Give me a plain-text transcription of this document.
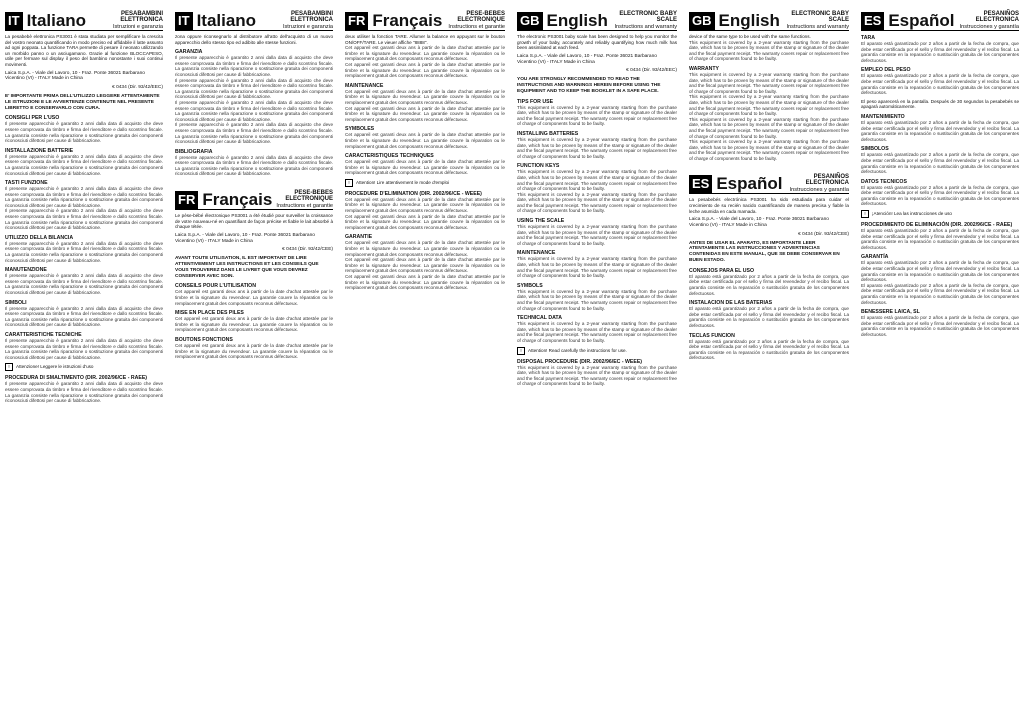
IT Italiano	PESABAMBINI ELETTRONICA
Istruzioni e garanzia

La pesabebè elettronica PS3001 è stata studiata per semplificare la crescita del vostro neonato quantificando in modo preciso ed affidabile il latte assunto ad ogni poppata. La funzione TARA permette di pesare il neonato utilizzando un morbido panno o un asciugamano. Grazie al funzione BLOCCAPESO, utile per fermare sul display il peso del bambino nonostante i suoi continui movimenti.

Laica S.p.A. - Viale del Lavoro, 10 - Fraz. Ponte 36021 Barbarano Vicentino (VI) - ITALY Made in China
€ 0434 (Dir. 93/42/EEC)

E' IMPORTANTE PRIMA DELL'UTILIZZO LEGGERE ATTENTAMENTE LE ISTRUZIONI E LE AVVERTENZE CONTENUTE NEL PRESENTE LIBRETTO E CONSERVARLO CON CURA.

CONSIGLI PER L'USO

Il presente apparecchio è garantito 2 anni dalla data di acquisto che deve essere comprovata da timbro e firma del rivenditore e dallo scontrino fiscale. La garanzia consiste nella riparazione o sostituzione gratuita dei componenti riconosciuti difettosi per cause di fabbricazione.

INSTALLAZIONE BATTERIE

Il presente apparecchio è garantito 2 anni dalla data di acquisto che deve essere comprovata da timbro e firma del rivenditore e dallo scontrino fiscale. La garanzia consiste nella riparazione o sostituzione gratuita dei componenti riconosciuti difettosi per cause di fabbricazione.

TASTI FUNZIONE

Il presente apparecchio è garantito 2 anni dalla data di acquisto che deve essere comprovata da timbro e firma del rivenditore e dallo scontrino fiscale. La garanzia consiste nella riparazione o sostituzione gratuita dei componenti riconosciuti difettosi per cause di fabbricazione.

Il presente apparecchio è garantito 2 anni dalla data di acquisto che deve essere comprovata da timbro e firma del rivenditore e dallo scontrino fiscale. La garanzia consiste nella riparazione o sostituzione gratuita dei componenti riconosciuti difettosi per cause di fabbricazione.

UTILIZZO DELLA BILANCIA

Il presente apparecchio è garantito 2 anni dalla data di acquisto che deve essere comprovata da timbro e firma del rivenditore e dallo scontrino fiscale. La garanzia consiste nella riparazione o sostituzione gratuita dei componenti riconosciuti difettosi per cause di fabbricazione.

MANUTENZIONE

Il presente apparecchio è garantito 2 anni dalla data di acquisto che deve essere comprovata da timbro e firma del rivenditore e dallo scontrino fiscale. La garanzia consiste nella riparazione o sostituzione gratuita dei componenti riconosciuti difettosi per cause di fabbricazione.

SIMBOLI

Il presente apparecchio è garantito 2 anni dalla data di acquisto che deve essere comprovata da timbro e firma del rivenditore e dallo scontrino fiscale. La garanzia consiste nella riparazione o sostituzione gratuita dei componenti riconosciuti difettosi per cause di fabbricazione.

CARATTERISTICHE TECNICHE

Il presente apparecchio è garantito 2 anni dalla data di acquisto che deve essere comprovata da timbro e firma del rivenditore e dallo scontrino fiscale. La garanzia consiste nella riparazione o sostituzione gratuita dei componenti riconosciuti difettosi per cause di fabbricazione.

! Attenzione! Leggere le istruzioni d'uso

PROCEDURA DI SMALTIMENTO (DIR. 2002/96/CE - RAEE)

Il presente apparecchio è garantito 2 anni dalla data di acquisto che deve essere comprovata da timbro e firma del rivenditore e dallo scontrino fiscale. La garanzia consiste nella riparazione o sostituzione gratuita dei componenti riconosciuti difettosi per cause di fabbricazione.

IT Italiano	PESABAMBINI ELETTRONICA
Istruzioni e garanzia

zona oppure riconsegnarlo al distributore all'atto dell'acquisto di un nuovo apparecchio dello stesso tipo ed adibito alle stesse funzioni.

GARANZIA

Il presente apparecchio è garantito 2 anni dalla data di acquisto che deve essere comprovata da timbro e firma del rivenditore e dallo scontrino fiscale. La garanzia consiste nella riparazione o sostituzione gratuita dei componenti riconosciuti difettosi per cause di fabbricazione.

Il presente apparecchio è garantito 2 anni dalla data di acquisto che deve essere comprovata da timbro e firma del rivenditore e dallo scontrino fiscale. La garanzia consiste nella riparazione o sostituzione gratuita dei componenti riconosciuti difettosi per cause di fabbricazione.

Il presente apparecchio è garantito 2 anni dalla data di acquisto che deve essere comprovata da timbro e firma del rivenditore e dallo scontrino fiscale. La garanzia consiste nella riparazione o sostituzione gratuita dei componenti riconosciuti difettosi per cause di fabbricazione.

Il presente apparecchio è garantito 2 anni dalla data di acquisto che deve essere comprovata da timbro e firma del rivenditore e dallo scontrino fiscale. La garanzia consiste nella riparazione o sostituzione gratuita dei componenti riconosciuti difettosi per cause di fabbricazione.

BIBLIOGRAFIA

Il presente apparecchio è garantito 2 anni dalla data di acquisto che deve essere comprovata da timbro e firma del rivenditore e dallo scontrino fiscale. La garanzia consiste nella riparazione o sostituzione gratuita dei componenti riconosciuti difettosi per cause di fabbricazione.

FR Français	PESE-BEBES ELECTRONIQUE
Instructions et garantie

Le pèse-bébé électronique PS3001 a été étudié pour surveiller la croissance de votre nouveau-né en quantifiant de façon précise et fiable le lait absorbé à chaque tétée.

Laica S.p.A. - Viale del Lavoro, 10 - Fraz. Ponte 36021 Barbarano Vicentino (VI) - ITALY Made in China
€ 0434 (Dir. 93/42/CEE)

AVANT TOUTE UTILISATION, IL EST IMPORTANT DE LIRE ATTENTIVEMENT LES INSTRUCTIONS ET LES CONSEILS QUE VOUS TROUVEREZ DANS LE LIVRET QUE VOUS DEVREZ CONSERVER AVEC SOIN.

CONSEILS POUR L'UTILISATION

Cet appareil est garanti deux ans à partir de la date d'achat attestée par le timbre et la signature du revendeur. La garantie couvre la réparation ou le remplacement gratuit des composants reconnus défectueux.

MISE EN PLACE DES PILES

Cet appareil est garanti deux ans à partir de la date d'achat attestée par le timbre et la signature du revendeur. La garantie couvre la réparation ou le remplacement gratuit des composants reconnus défectueux.

BOUTONS FONCTIONS

Cet appareil est garanti deux ans à partir de la date d'achat attestée par le timbre et la signature du revendeur. La garantie couvre la réparation ou le remplacement gratuit des composants reconnus défectueux.

FR Français	PESE-BEBES ELECTRONIQUE
Instructions et garantie

deux utiliser la fonction TARE. Allumer la balance en appuyant sur le bouton ON/OFF/TARE. Le vieuer affiche "8888".

Cet appareil est garanti deux ans à partir de la date d'achat attestée par le timbre et la signature du revendeur. La garantie couvre la réparation ou le remplacement gratuit des composants reconnus défectueux.

Cet appareil est garanti deux ans à partir de la date d'achat attestée par le timbre et la signature du revendeur. La garantie couvre la réparation ou le remplacement gratuit des composants reconnus défectueux.

MAINTENANCE

Cet appareil est garanti deux ans à partir de la date d'achat attestée par le timbre et la signature du revendeur. La garantie couvre la réparation ou le remplacement gratuit des composants reconnus défectueux.

Cet appareil est garanti deux ans à partir de la date d'achat attestée par le timbre et la signature du revendeur. La garantie couvre la réparation ou le remplacement gratuit des composants reconnus défectueux.

SYMBOLES

Cet appareil est garanti deux ans à partir de la date d'achat attestée par le timbre et la signature du revendeur. La garantie couvre la réparation ou le remplacement gratuit des composants reconnus défectueux.

CARACTERISTIQUES TECHNIQUES

Cet appareil est garanti deux ans à partir de la date d'achat attestée par le timbre et la signature du revendeur. La garantie couvre la réparation ou le remplacement gratuit des composants reconnus défectueux.

! Attention! Lire attentivement le mode d'emploi

PROCEDURE D'ELIMINATION (DIR. 2002/96/CE - WEEE)

Cet appareil est garanti deux ans à partir de la date d'achat attestée par le timbre et la signature du revendeur. La garantie couvre la réparation ou le remplacement gratuit des composants reconnus défectueux.

Cet appareil est garanti deux ans à partir de la date d'achat attestée par le timbre et la signature du revendeur. La garantie couvre la réparation ou le remplacement gratuit des composants reconnus défectueux.

GARANTIE

Cet appareil est garanti deux ans à partir de la date d'achat attestée par le timbre et la signature du revendeur. La garantie couvre la réparation ou le remplacement gratuit des composants reconnus défectueux.

Cet appareil est garanti deux ans à partir de la date d'achat attestée par le timbre et la signature du revendeur. La garantie couvre la réparation ou le remplacement gratuit des composants reconnus défectueux.

Cet appareil est garanti deux ans à partir de la date d'achat attestée par le timbre et la signature du revendeur. La garantie couvre la réparation ou le remplacement gratuit des composants reconnus défectueux.

GB English	ELECTRONIC BABY SCALE
Instructions and warranty

The electronic PS3001 baby scale has been designed to help you monitor the growth of your baby, accurately and reliably quantifying how much milk has been assimilated at each feed.

Laica S.p.A. - Viale del Lavoro, 10 - Fraz. Ponte 36021 Barbarano Vicentino (VI) - ITALY Made in China
€ 0434 (Dir. 93/42/EEC)

YOU ARE STRONGLY RECOMMENDED TO READ THE INSTRUCTIONS AND WARNINGS HEREIN BEFORE USING THE EQUIPMENT AND TO KEEP THE BOOKLET IN A SAFE PLACE.

TIPS FOR USE

This equipment is covered by a 2-year warranty starting from the purchase date, which has to be proven by means of the stamp or signature of the dealer and the fiscal payment receipt. The warranty covers repair or replacement free of charge of components found to be faulty.

INSTALLING BATTERIES

This equipment is covered by a 2-year warranty starting from the purchase date, which has to be proven by means of the stamp or signature of the dealer and the fiscal payment receipt. The warranty covers repair or replacement free of charge of components found to be faulty.

FUNCTION KEYS

This equipment is covered by a 2-year warranty starting from the purchase date, which has to be proven by means of the stamp or signature of the dealer and the fiscal payment receipt. The warranty covers repair or replacement free of charge of components found to be faulty.

This equipment is covered by a 2-year warranty starting from the purchase date, which has to be proven by means of the stamp or signature of the dealer and the fiscal payment receipt. The warranty covers repair or replacement free of charge of components found to be faulty.

USING THE SCALE

This equipment is covered by a 2-year warranty starting from the purchase date, which has to be proven by means of the stamp or signature of the dealer and the fiscal payment receipt. The warranty covers repair or replacement free of charge of components found to be faulty.

MAINTENANCE

This equipment is covered by a 2-year warranty starting from the purchase date, which has to be proven by means of the stamp or signature of the dealer and the fiscal payment receipt. The warranty covers repair or replacement free of charge of components found to be faulty.

SYMBOLS

This equipment is covered by a 2-year warranty starting from the purchase date, which has to be proven by means of the stamp or signature of the dealer and the fiscal payment receipt. The warranty covers repair or replacement free of charge of components found to be faulty.

TECHNICAL DATA

This equipment is covered by a 2-year warranty starting from the purchase date, which has to be proven by means of the stamp or signature of the dealer and the fiscal payment receipt. The warranty covers repair or replacement free of charge of components found to be faulty.

! Attention! Read carefully the instructions for use.

DISPOSAL PROCEDURE (DIR. 2002/96/EC - WEEE)

This equipment is covered by a 2-year warranty starting from the purchase date, which has to be proven by means of the stamp or signature of the dealer and the fiscal payment receipt. The warranty covers repair or replacement free of charge of components found to be faulty.

GB English	ELECTRONIC BABY SCALE
Instructions and warranty

device of the same type to be used with the same functions.

This equipment is covered by a 2-year warranty starting from the purchase date, which has to be proven by means of the stamp or signature of the dealer and the fiscal payment receipt. The warranty covers repair or replacement free of charge of components found to be faulty.

WARRANTY

This equipment is covered by a 2-year warranty starting from the purchase date, which has to be proven by means of the stamp or signature of the dealer and the fiscal payment receipt. The warranty covers repair or replacement free of charge of components found to be faulty.

This equipment is covered by a 2-year warranty starting from the purchase date, which has to be proven by means of the stamp or signature of the dealer and the fiscal payment receipt. The warranty covers repair or replacement free of charge of components found to be faulty.

This equipment is covered by a 2-year warranty starting from the purchase date, which has to be proven by means of the stamp or signature of the dealer and the fiscal payment receipt. The warranty covers repair or replacement free of charge of components found to be faulty.

This equipment is covered by a 2-year warranty starting from the purchase date, which has to be proven by means of the stamp or signature of the dealer and the fiscal payment receipt. The warranty covers repair or replacement free of charge of components found to be faulty.

ES Español	PESANIÑOS ELECTRONICA
Instrucciones y garantía

La pesabebés electrónica PS3001 ha sido estudiada para cuidar el crecimiento de su recién nacido cuantificando de manera precisa y fiable la leche asumida en cada mamada.

Laica S.p.A. - Viale del Lavoro, 10 - Fraz. Ponte 36021 Barbarano Vicentino (VI) - ITALY Made in China
€ 0434 (Dir. 93/42/CEE)

ANTES DE USAR EL APARATO, ES IMPORTANTE LEER ATENTAMENTE LAS INSTRUCCIONES Y ADVERTENCIAS CONTENIDAS EN ESTE MANUAL, QUE SE DEBE CONSERVAR EN BUEN ESTADO.

CONSEJOS PARA EL USO

El aparato está garantizado por 2 años a partir de la fecha de compra, que debe estar certificada por el sello y firma del revendedor y el recibo fiscal. La garantía consiste en la reparación o sustitución gratuita de los componentes defectuosos.

INSTALACION DE LAS BATERIAS

El aparato está garantizado por 2 años a partir de la fecha de compra, que debe estar certificada por el sello y firma del revendedor y el recibo fiscal. La garantía consiste en la reparación o sustitución gratuita de los componentes defectuosos.

TECLAS FUNCION

El aparato está garantizado por 2 años a partir de la fecha de compra, que debe estar certificada por el sello y firma del revendedor y el recibo fiscal. La garantía consiste en la reparación o sustitución gratuita de los componentes defectuosos.

ES Español	PESANIÑOS ELECTRONICA
Instrucciones y garantía

TARA

El aparato está garantizado por 2 años a partir de la fecha de compra, que debe estar certificada por el sello y firma del revendedor y el recibo fiscal. La garantía consiste en la reparación o sustitución gratuita de los componentes defectuosos.

EMPLEO DEL PESO

El aparato está garantizado por 2 años a partir de la fecha de compra, que debe estar certificada por el sello y firma del revendedor y el recibo fiscal. La garantía consiste en la reparación o sustitución gratuita de los componentes defectuosos.

El peso aparecerá en la pantalla. Después de 30 segundos la pesabebés se apagará automáticamente.

MANTENIMIENTO

El aparato está garantizado por 2 años a partir de la fecha de compra, que debe estar certificada por el sello y firma del revendedor y el recibo fiscal. La garantía consiste en la reparación o sustitución gratuita de los componentes defectuosos.

SIMBOLOS

El aparato está garantizado por 2 años a partir de la fecha de compra, que debe estar certificada por el sello y firma del revendedor y el recibo fiscal. La garantía consiste en la reparación o sustitución gratuita de los componentes defectuosos.

DATOS TECNICOS

El aparato está garantizado por 2 años a partir de la fecha de compra, que debe estar certificada por el sello y firma del revendedor y el recibo fiscal. La garantía consiste en la reparación o sustitución gratuita de los componentes defectuosos.

! ¡Atención! Lea las instrucciones de uso

PROCEDIMIENTO DE ELIMINACIÓN (DIR. 2002/96/CE - RAEE)

El aparato está garantizado por 2 años a partir de la fecha de compra, que debe estar certificada por el sello y firma del revendedor y el recibo fiscal. La garantía consiste en la reparación o sustitución gratuita de los componentes defectuosos.

GARANTÍA

El aparato está garantizado por 2 años a partir de la fecha de compra, que debe estar certificada por el sello y firma del revendedor y el recibo fiscal. La garantía consiste en la reparación o sustitución gratuita de los componentes defectuosos.

El aparato está garantizado por 2 años a partir de la fecha de compra, que debe estar certificada por el sello y firma del revendedor y el recibo fiscal. La garantía consiste en la reparación o sustitución gratuita de los componentes defectuosos.

BENESSERE LAICA, SL

El aparato está garantizado por 2 años a partir de la fecha de compra, que debe estar certificada por el sello y firma del revendedor y el recibo fiscal. La garantía consiste en la reparación o sustitución gratuita de los componentes defectuosos.
